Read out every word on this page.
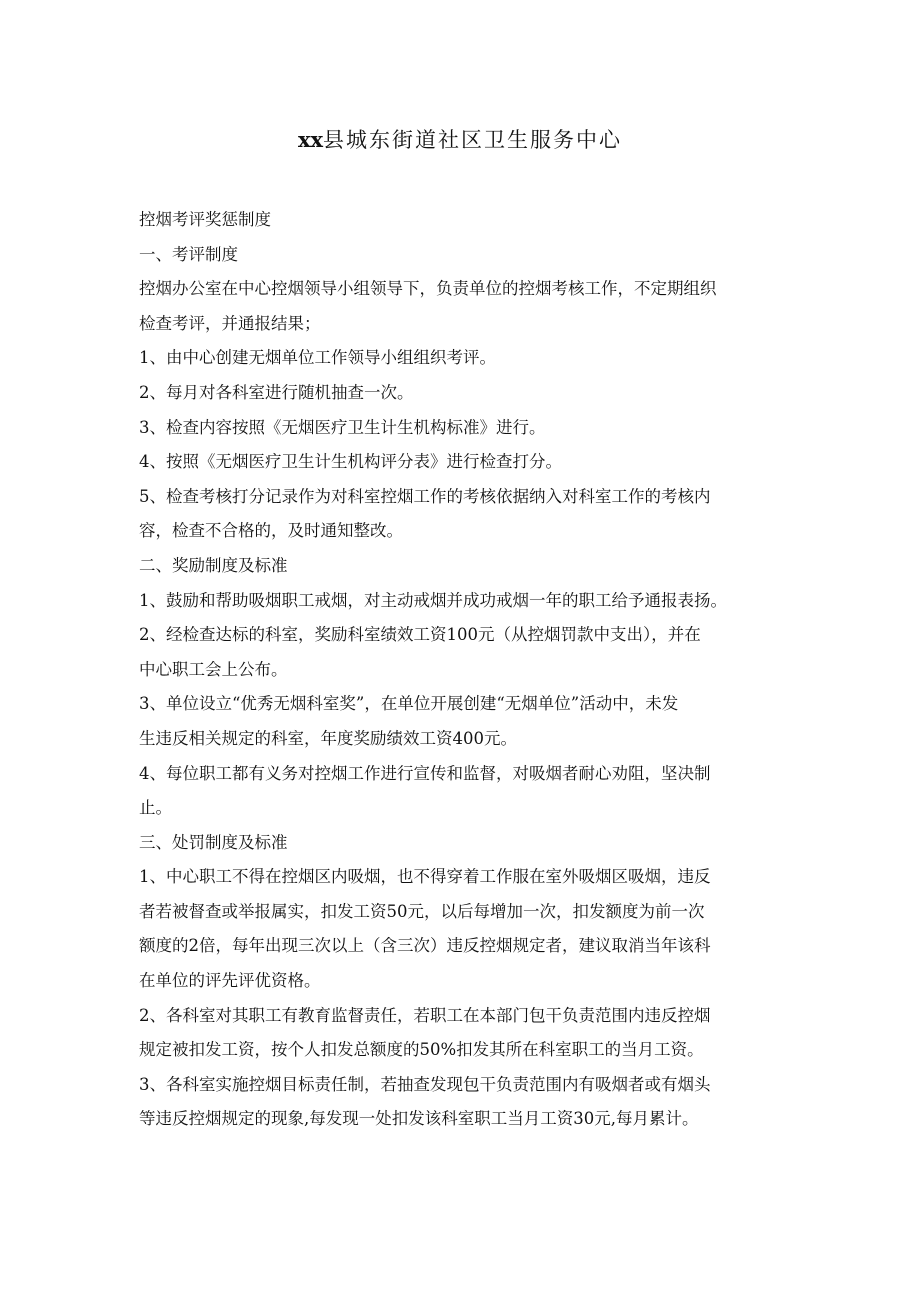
xx县城东街道社区卫生服务中心

控烟考评奖惩制度

一、考评制度

控烟办公室在中心控烟领导小组领导下，负责单位的控烟考核工作，不定期组织

检查考评，并通报结果；

1、由中心创建无烟单位工作领导小组组织考评。

2、每月对各科室进行随机抽查一次。

3、检查内容按照《无烟医疗卫生计生机构标准》进行。

4、按照《无烟医疗卫生计生机构评分表》进行检查打分。

5、检查考核打分记录作为对科室控烟工作的考核依据纳入对科室工作的考核内

容，检查不合格的，及时通知整改。

二、奖励制度及标准

1、鼓励和帮助吸烟职工戒烟，对主动戒烟并成功戒烟一年的职工给予通报表扬。

2、经检查达标的科室，奖励科室绩效工资100元（从控烟罚款中支出），并在

中心职工会上公布。

3、单位设立“优秀无烟科室奖”，在单位开展创建“无烟单位”活动中，未发

生违反相关规定的科室，年度奖励绩效工资400元。

4、每位职工都有义务对控烟工作进行宣传和监督，对吸烟者耐心劝阻，坚决制

止。

三、处罚制度及标准

1、中心职工不得在控烟区内吸烟，也不得穿着工作服在室外吸烟区吸烟，违反

者若被督查或举报属实，扣发工资50元，以后每增加一次，扣发额度为前一次

额度的2倍，每年出现三次以上（含三次）违反控烟规定者，建议取消当年该科

在单位的评先评优资格。

2、各科室对其职工有教育监督责任，若职工在本部门包干负责范围内违反控烟

规定被扣发工资，按个人扣发总额度的50%扣发其所在科室职工的当月工资。

3、各科室实施控烟目标责任制，若抽查发现包干负责范围内有吸烟者或有烟头

等违反控烟规定的现象,每发现一处扣发该科室职工当月工资30元,每月累计。
